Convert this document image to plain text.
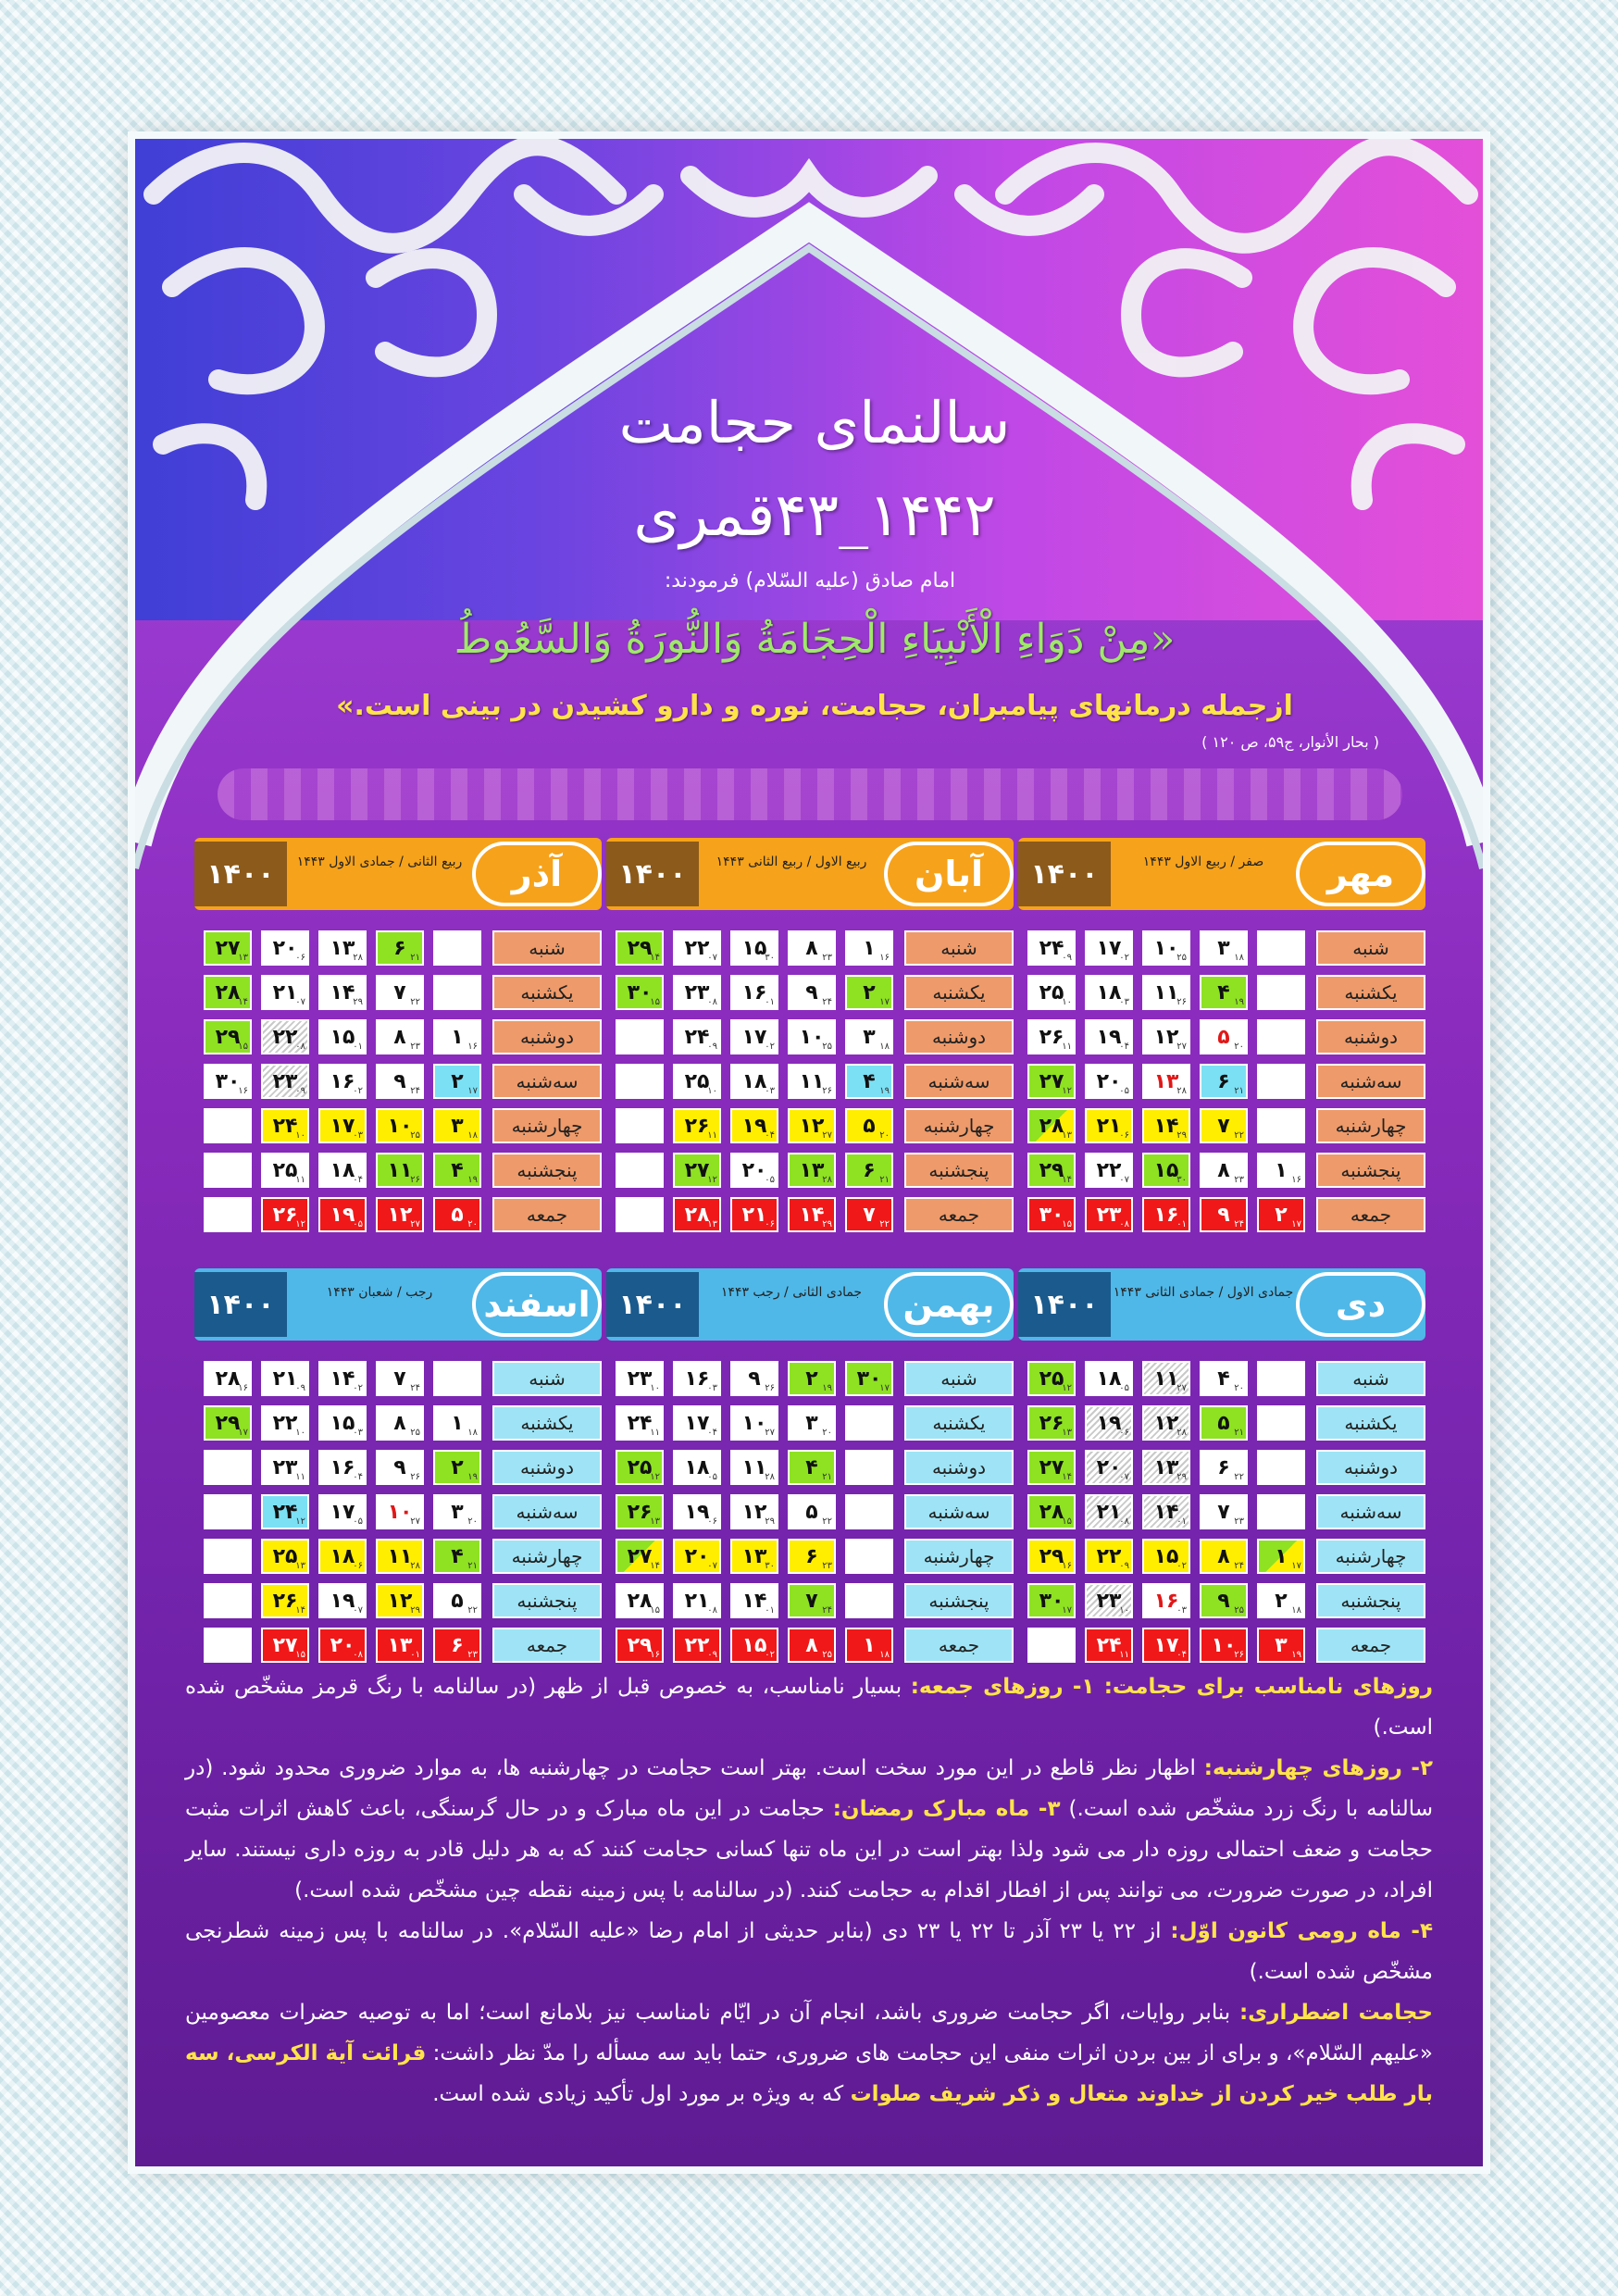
سالنمای حجامت
۱۴۴۲_۴۳قمری
امام صادق (علیه السّلام) فرمودند:
«مِنْ دَوَاءِ الْأَنْبِيَاءِ الْحِجَامَةُ وَالنُّورَةُ وَالسَّعُوطُ
ازجمله درمانهای پیامبران، حجامت، نوره و دارو کشیدن در بینی است.»
( بحار الأنوار، ج۵۹، ص ۱۲۰ )
مهر
صفر / ربیع الاول ۱۴۴۳
۱۴۰۰
شنبه
۳ ۱۸
۱۰
۲۵
۱۷
۰۲
۲۴
۰۹
یکشنبه
۴ ۱۹
۱۱
۲۶
۱۸
۰۳
۲۵
۱۰
دوشنبه
۵ ۲۰
۱۲
۲۷
۱۹
۰۴
۲۶
۱۱
سه‌شنبه
۶ ۲۱
۱۳
۲۸
۲۰
۰۵
۲۷
۱۲
چهارشنبه
۷ ۲۲
۱۴
۲۹
۲۱
۰۶
۲۸
۱۳
پنجشنبه
۱ ۱۶
۸ ۲۳
۱۵
۳۰
۲۲
۰۷
۲۹
۱۴
جمعه
۲ ۱۷
۹ ۲۴
۱۶
۰۱
۲۳
۰۸
۳۰
۱۵
آبان
ربیع الاول / ربیع الثانی ۱۴۴۳
۱۴۰۰
شنبه
۱ ۱۶
۸ ۲۳
۱۵
۳۰
۲۲
۰۷
۲۹
۱۴
یکشنبه
۲ ۱۷
۹ ۲۴
۱۶
۰۱
۲۳
۰۸
۳۰
۱۵
دوشنبه
۳ ۱۸
۱۰
۲۵
۱۷
۰۲
۲۴
۰۹
سه‌شنبه
۴ ۱۹
۱۱
۲۶
۱۸
۰۳
۲۵
۱۰
چهارشنبه
۵ ۲۰
۱۲
۲۷
۱۹
۰۴
۲۶
۱۱
پنجشنبه
۶ ۲۱
۱۳
۲۸
۲۰
۰۵
۲۷
۱۲
جمعه
۷ ۲۲
۱۴
۲۹
۲۱
۰۶
۲۸
۱۳
آذر
ربیع الثانی / جمادی الاول ۱۴۴۳
۱۴۰۰
شنبه
۶ ۲۱
۱۳
۲۸
۲۰
۰۶
۲۷
۱۳
یکشنبه
۷ ۲۲
۱۴
۲۹
۲۱
۰۷
۲۸
۱۴
دوشنبه
۱ ۱۶
۸ ۲۳
۱۵
۰۱
۲۲
۰۸
۲۹
۱۵
سه‌شنبه
۲ ۱۷
۹ ۲۴
۱۶
۰۲
۲۳
۰۹
۳۰
۱۶
چهارشنبه
۳ ۱۸
۱۰
۲۵
۱۷
۰۳
۲۴
۱۰
پنجشنبه
۴ ۱۹
۱۱
۲۶
۱۸
۰۴
۲۵
۱۱
جمعه
۵ ۲۰
۱۲
۲۷
۱۹
۰۵
۲۶
۱۲
دی
جمادی الاول / جمادی الثانی ۱۴۴۳
۱۴۰۰
شنبه
۴ ۲۰
۱۱
۲۷
۱۸
۰۵
۲۵
۱۲
یکشنبه
۵ ۲۱
۱۲
۲۸
۱۹
۰۶
۲۶
۱۳
دوشنبه
۶ ۲۲
۱۳
۲۹
۲۰
۰۷
۲۷
۱۴
سه‌شنبه
۷ ۲۳
۱۴
۰۱
۲۱
۰۸
۲۸
۱۵
چهارشنبه
۱ ۱۷
۸ ۲۴
۱۵
۰۲
۲۲
۰۹
۲۹
۱۶
پنجشنبه
۲ ۱۸
۹ ۲۵
۱۶
۰۳
۲۳
۱۰
۳۰
۱۷
جمعه
۳ ۱۹
۱۰
۲۶
۱۷
۰۴
۲۴
۱۱
بهمن
جمادی الثانی / رجب ۱۴۴۳
۱۴۰۰
شنبه
۳۰
۱۷
۲ ۱۹
۹ ۲۶
۱۶
۰۳
۲۳
۱۰
یکشنبه
۳ ۲۰
۱۰
۲۷
۱۷
۰۴
۲۴
۱۱
دوشنبه
۴ ۲۱
۱۱
۲۸
۱۸
۰۵
۲۵
۱۲
سه‌شنبه
۵ ۲۲
۱۲
۲۹
۱۹
۰۶
۲۶
۱۳
چهارشنبه
۶ ۲۳
۱۳
۳۰
۲۰
۰۷
۲۷
۱۴
پنجشنبه
۷ ۲۴
۱۴
۰۱
۲۱
۰۸
۲۸
۱۵
جمعه
۱ ۱۸
۸ ۲۵
۱۵
۰۲
۲۲
۰۹
۲۹
۱۶
اسفند
رجب / شعبان ۱۴۴۳
۱۴۰۰
شنبه
۷ ۲۴
۱۴
۰۲
۲۱
۰۹
۲۸
۱۶
یکشنبه
۱ ۱۸
۸ ۲۵
۱۵
۰۳
۲۲
۱۰
۲۹
۱۷
دوشنبه
۲ ۱۹
۹ ۲۶
۱۶
۰۴
۲۳
۱۱
سه‌شنبه
۳ ۲۰
۱۰
۲۷
۱۷
۰۵
۲۴
۱۲
چهارشنبه
۴ ۲۱
۱۱
۲۸
۱۸
۰۶
۲۵
۱۳
پنجشنبه
۵ ۲۲
۱۲
۲۹
۱۹
۰۷
۲۶
۱۴
جمعه
۶ ۲۳
۱۳
۰۱
۲۰
۰۸
۲۷
۱۵

روزهای نامناسب برای حجامت: ۱- روزهای جمعه: بسیار نامناسب، به خصوص قبل از ظهر (در سالنامه با رنگ قرمز مشخّص شده است.)

۲- روزهای چهارشنبه: اظهار نظر قاطع در این مورد سخت است. بهتر است حجامت در چهارشنبه ها، به موارد ضروری محدود شود. (در سالنامه با رنگ زرد مشخّص شده است.) ۳- ماه مبارک رمضان: حجامت در این ماه مبارک و در حال گرسنگی، باعث کاهش اثرات مثبت حجامت و ضعف احتمالی روزه دار می شود ولذا بهتر است در این ماه تنها کسانی حجامت کنند که به هر دلیل قادر به روزه داری نیستند. سایر افراد، در صورت ضرورت، می توانند پس از افطار اقدام به حجامت کنند. (در سالنامه با پس زمینه نقطه چین مشخّص شده است.)

۴- ماه رومی کانون اوّل: از ۲۲ یا ۲۳ آذر تا ۲۲ یا ۲۳ دی (بنابر حدیثی از امام رضا «علیه السّلام». در سالنامه با پس زمینه شطرنجی مشخّص شده است.)

حجامت اضطراری: بنابر روایات، اگر حجامت ضروری باشد، انجام آن در ایّام نامناسب نیز بلامانع است؛ اما به توصیه حضرات معصومین «علیهم السّلام»، و برای از بین بردن اثرات منفی این حجامت های ضروری، حتما باید سه مسأله را مدّ نظر داشت: قرائت آیة الکرسی، سه بار طلب خیر کردن از خداوند متعال و ذکر شریف صلوات که به ویژه بر مورد اول تأکید زیادی شده است.
